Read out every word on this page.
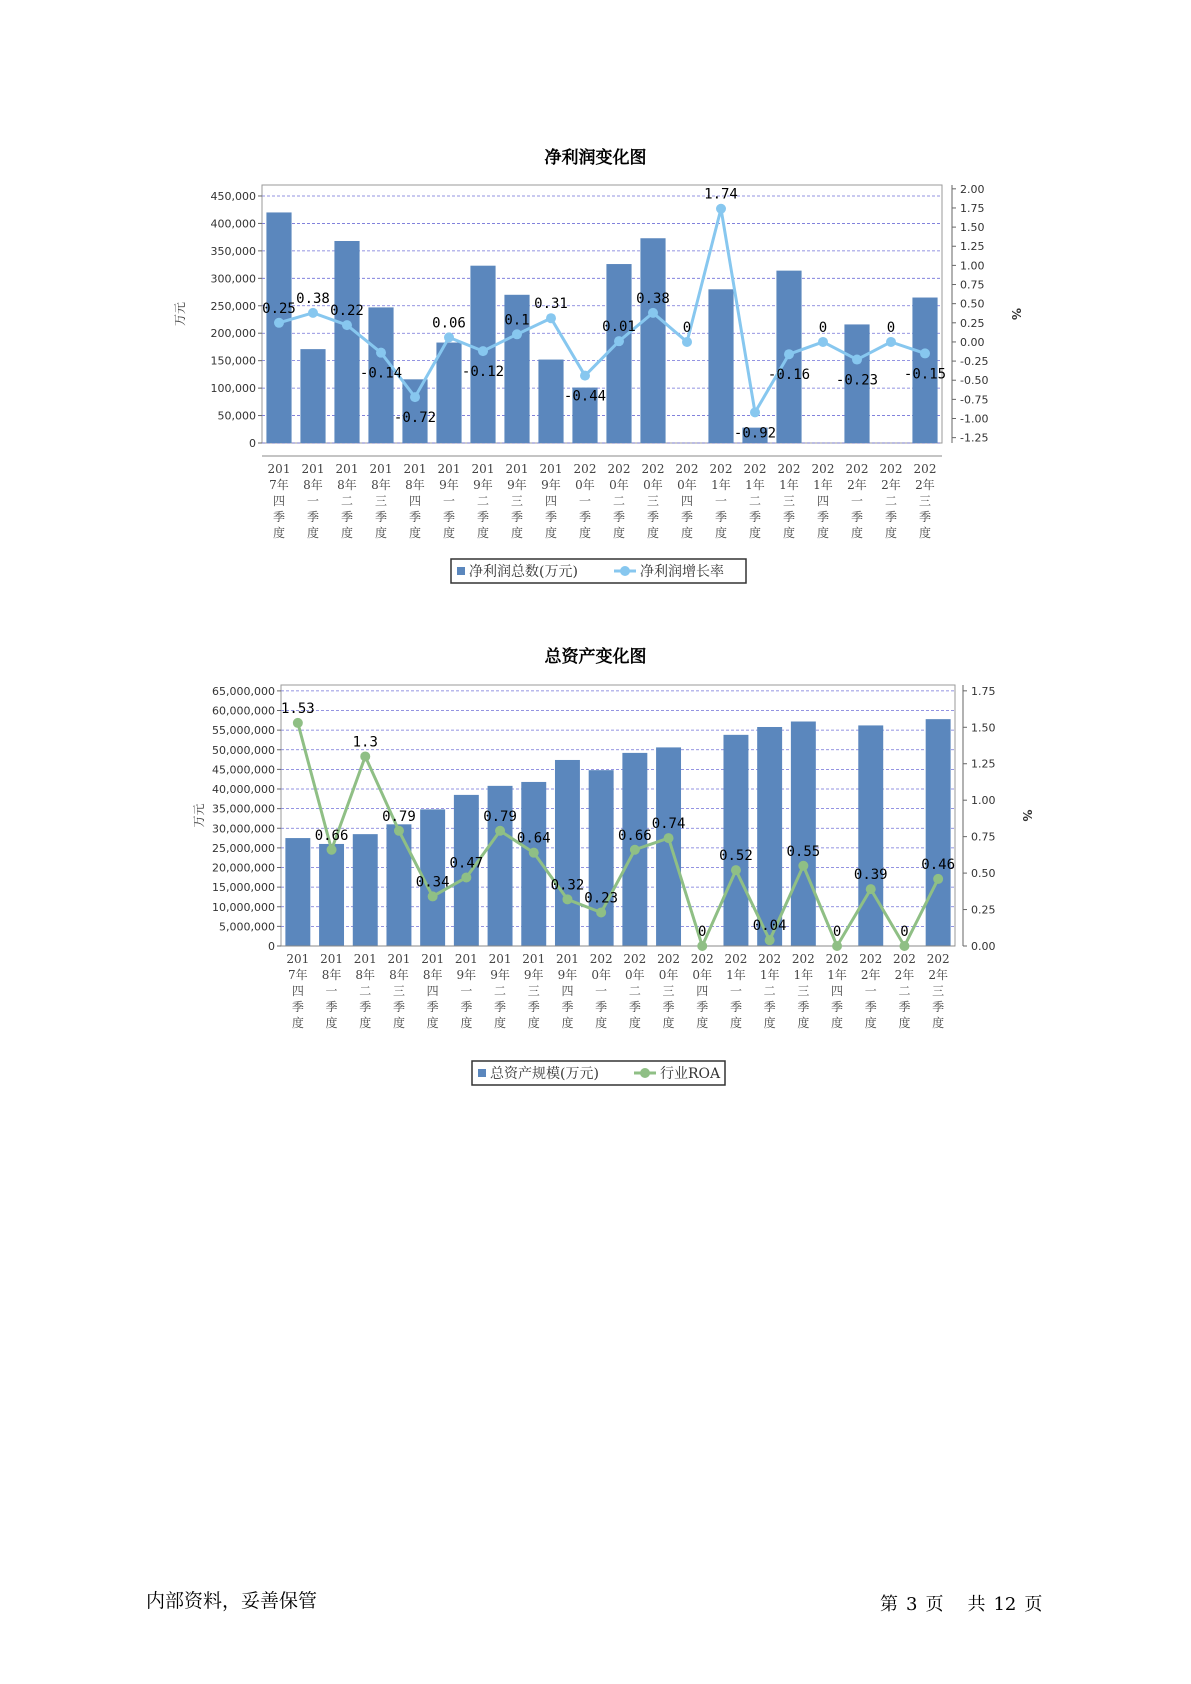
净利润变化图
0
50,000
100,000
150,000
200,000
250,000
300,000
350,000
400,000
450,000
-1.25
-1.00
-0.75
-0.50
-0.25
0.00
0.25
0.50
0.75
1.00
1.25
1.50
1.75
2.00
万元	%
201
7年
四
季
度
201
8年
一
季
度
201
8年
二
季
度
201
8年
三
季
度
201
8年
四
季
度
201
9年
一
季
度
201
9年
二
季
度
201
9年
三
季
度
201
9年
四
季
度
202
0年
一
季
度
202
0年
二
季
度
202
0年
三
季
度
202
0年
四
季
度
202
1年
一
季
度
202
1年
二
季
度
202
1年
三
季
度
202
1年
四
季
度
202
2年
一
季
度
202
2年
二
季
度
202
2年
三
季
度
0.25
0.38
0.22
-0.14
-0.72
0.06
-0.12
0.1
0.31
-0.44
0.01
0.38
0
1.74
-0.92
-0.16
0
-0.23
0
-0.15
净利润总数(万元)	净利润增长率
总资产变化图
0
5,000,000
10,000,000
15,000,000
20,000,000
25,000,000
30,000,000
35,000,000
40,000,000
45,000,000
50,000,000
55,000,000
60,000,000
65,000,000
0.00
0.25
0.50
0.75
1.00
1.25
1.50
1.75
万元	%
201
7年
四
季
度
201
8年
一
季
度
201
8年
二
季
度
201
8年
三
季
度
201
8年
四
季
度
201
9年
一
季
度
201
9年
二
季
度
201
9年
三
季
度
201
9年
四
季
度
202
0年
一
季
度
202
0年
二
季
度
202
0年
三
季
度
202
0年
四
季
度
202
1年
一
季
度
202
1年
二
季
度
202
1年
三
季
度
202
1年
四
季
度
202
2年
一
季
度
202
2年
二
季
度
202
2年
三
季
度
1.53
0.66
1.3
0.79
0.34
0.47
0.79
0.64
0.32
0.23
0.66
0.74
0
0.52
0.04
0.55
0
0.39
0
0.46
总资产规模(万元)	行业ROA
内部资料，妥善保管	第 3 页 共 12 页
